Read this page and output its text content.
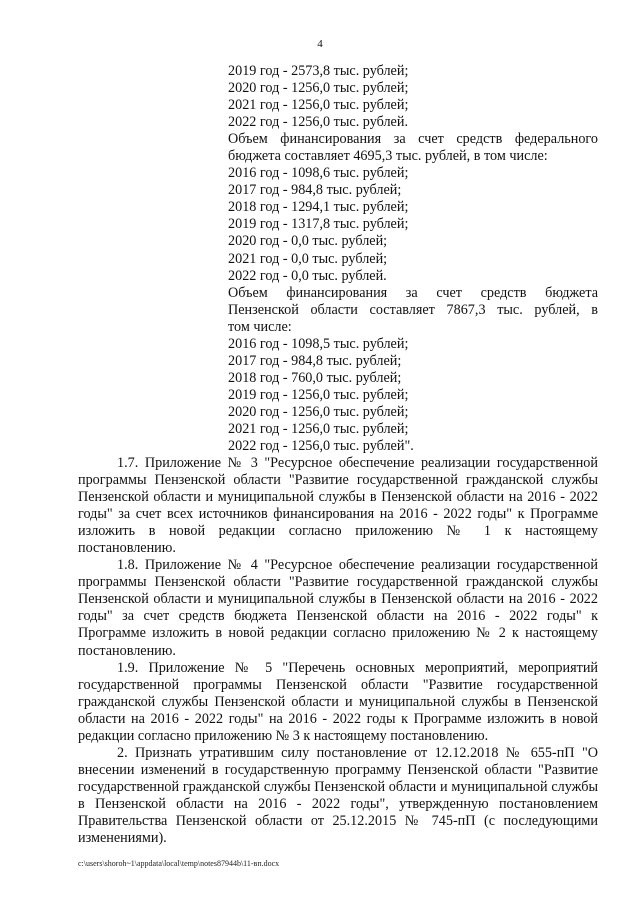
4
2019 год - 2573,8 тыс. рублей;
2020 год - 1256,0 тыс. рублей;
2021 год - 1256,0 тыс. рублей;
2022 год - 1256,0 тыс. рублей.
Объем финансирования за счет средств федерального
бюджета составляет 4695,3 тыс. рублей, в том числе:
2016 год - 1098,6 тыс. рублей;
2017 год - 984,8 тыс. рублей;
2018 год - 1294,1 тыс. рублей;
2019 год - 1317,8 тыс. рублей;
2020 год - 0,0 тыс. рублей;
2021 год - 0,0 тыс. рублей;
2022 год - 0,0 тыс. рублей.
Объем финансирования за счет средств бюджета
Пензенской области составляет 7867,3 тыс. рублей, в
том числе:
2016 год - 1098,5 тыс. рублей;
2017 год - 984,8 тыс. рублей;
2018 год - 760,0 тыс. рублей;
2019 год - 1256,0 тыс. рублей;
2020 год - 1256,0 тыс. рублей;
2021 год - 1256,0 тыс. рублей;
2022 год - 1256,0 тыс. рублей".

1.7. Приложение № 3 "Ресурсное обеспечение реализации государственной программы Пензенской области "Развитие государственной гражданской службы Пензенской области и муниципальной службы в Пензенской области на 2016 - 2022 годы" за счет всех источников финансирования на 2016 - 2022 годы" к Программе изложить в новой редакции согласно приложению № 1 к настоящему постановлению.

1.8. Приложение № 4 "Ресурсное обеспечение реализации государственной программы Пензенской области "Развитие государственной гражданской службы Пензенской области и муниципальной службы в Пензенской области на 2016 - 2022 годы" за счет средств бюджета Пензенской области на 2016 - 2022 годы" к Программе изложить в новой редакции согласно приложению № 2 к настоящему постановлению.

1.9. Приложение № 5 "Перечень основных мероприятий, мероприятий государственной программы Пензенской области "Развитие государственной гражданской службы Пензенской области и муниципальной службы в Пензенской области на 2016 - 2022 годы" на 2016 - 2022 годы к Программе изложить в новой редакции согласно приложению № 3 к настоящему постановлению.

2. Признать утратившим силу постановление от 12.12.2018 № 655-пП "О внесении изменений в государственную программу Пензенской области "Развитие государственной гражданской службы Пензенской области и муниципальной службы в Пензенской области на 2016 - 2022 годы", утвержденную постановлением Правительства Пензенской области от 25.12.2015 № 745-пП (с последующими изменениями).

c:\users\shoroh~1\appdata\local\temp\notes87944b\11-вп.docx
